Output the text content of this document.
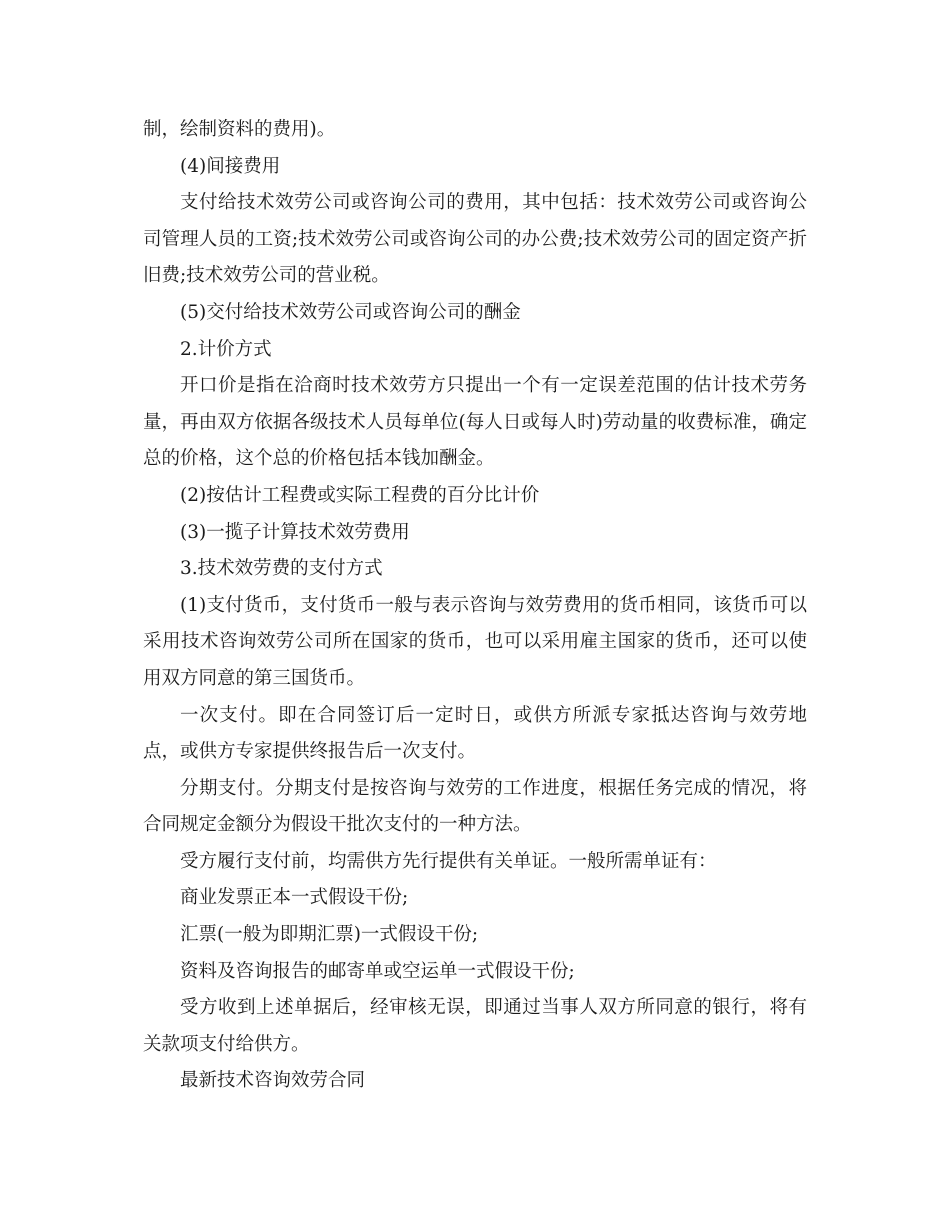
制，绘制资料的费用)。

(4)间接费用

支付给技术效劳公司或咨询公司的费用，其中包括：技术效劳公司或咨询公司管理人员的工资;技术效劳公司或咨询公司的办公费;技术效劳公司的固定资产折旧费;技术效劳公司的营业税。

(5)交付给技术效劳公司或咨询公司的酬金

2.计价方式

开口价是指在洽商时技术效劳方只提出一个有一定误差范围的估计技术劳务量，再由双方依据各级技术人员每单位(每人日或每人时)劳动量的收费标准，确定总的价格，这个总的价格包括本钱加酬金。

(2)按估计工程费或实际工程费的百分比计价

(3)一揽子计算技术效劳费用

3.技术效劳费的支付方式

(1)支付货币，支付货币一般与表示咨询与效劳费用的货币相同，该货币可以采用技术咨询效劳公司所在国家的货币，也可以采用雇主国家的货币，还可以使用双方同意的第三国货币。

一次支付。即在合同签订后一定时日，或供方所派专家抵达咨询与效劳地点，或供方专家提供终报告后一次支付。

分期支付。分期支付是按咨询与效劳的工作进度，根据任务完成的情况，将合同规定金额分为假设干批次支付的一种方法。

受方履行支付前，均需供方先行提供有关单证。一般所需单证有：

商业发票正本一式假设干份;

汇票(一般为即期汇票)一式假设干份;

资料及咨询报告的邮寄单或空运单一式假设干份;

受方收到上述单据后，经审核无误，即通过当事人双方所同意的银行，将有关款项支付给供方。

最新技术咨询效劳合同
